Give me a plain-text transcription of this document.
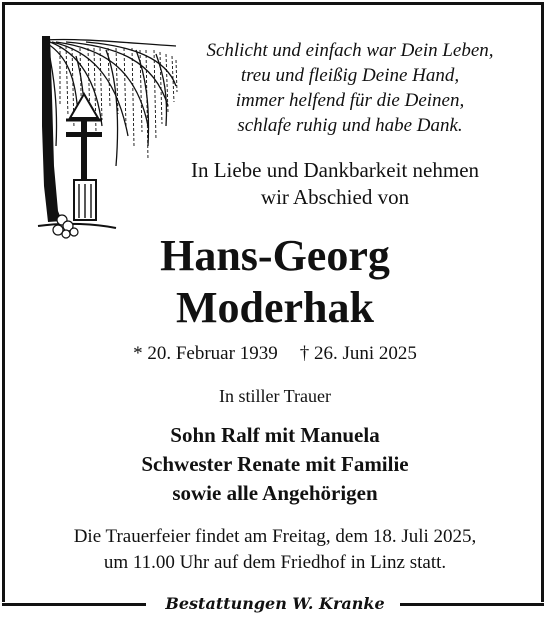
Schlicht und einfach war Dein Leben,
treu und fleißig Deine Hand,
immer helfend für die Deinen,
schlafe ruhig und habe Dank.
In Liebe und Dankbarkeit nehmen
wir Abschied von
Hans-Georg
Moderhak
* 20. Februar 1939 † 26. Juni 2025
In stiller Trauer
Sohn Ralf mit Manuela
Schwester Renate mit Familie
sowie alle Angehörigen
Die Trauerfeier findet am Freitag, dem 18. Juli 2025,
um 11.00 Uhr auf dem Friedhof in Linz statt.
Bestattungen W. Kranke
